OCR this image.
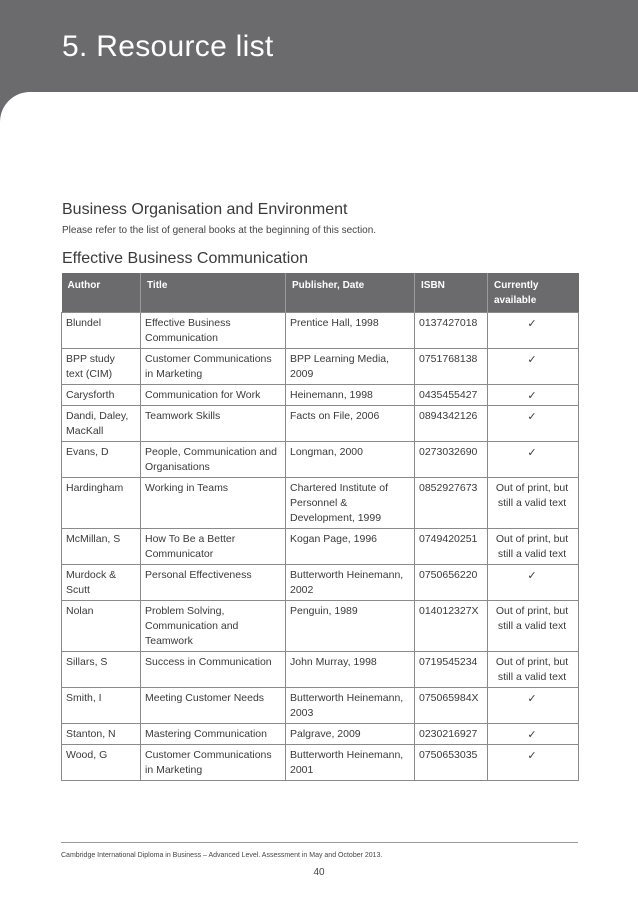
5. Resource list
Business Organisation and Environment

Please refer to the list of general books at the beginning of this section.

Effective Business Communication
Author	Title	Publisher, Date	ISBN	Currently available
Blundel	Effective Business Communication	Prentice Hall, 1998	0137427018	✓
BPP study text (CIM)	Customer Communications in Marketing	BPP Learning Media, 2009	0751768138	✓
Carysforth	Communication for Work	Heinemann, 1998	0435455427	✓
Dandi, Daley, MacKall	Teamwork Skills	Facts on File, 2006	0894342126	✓
Evans, D	People, Communication and Organisations	Longman, 2000	0273032690	✓
Hardingham	Working in Teams	Chartered Institute of Personnel & Development, 1999	0852927673	Out of print, but still a valid text
McMillan, S	How To Be a Better Communicator	Kogan Page, 1996	0749420251	Out of print, but still a valid text
Murdock & Scutt	Personal Effectiveness	Butterworth Heinemann, 2002	0750656220	✓
Nolan	Problem Solving, Communication and Teamwork	Penguin, 1989	014012327X	Out of print, but still a valid text
Sillars, S	Success in Communication	John Murray, 1998	0719545234	Out of print, but still a valid text
Smith, I	Meeting Customer Needs	Butterworth Heinemann, 2003	075065984X	✓
Stanton, N	Mastering Communication	Palgrave, 2009	0230216927	✓
Wood, G	Customer Communications in Marketing	Butterworth Heinemann, 2001	0750653035	✓

Cambridge International Diploma in Business – Advanced Level. Assessment in May and October 2013.

40
